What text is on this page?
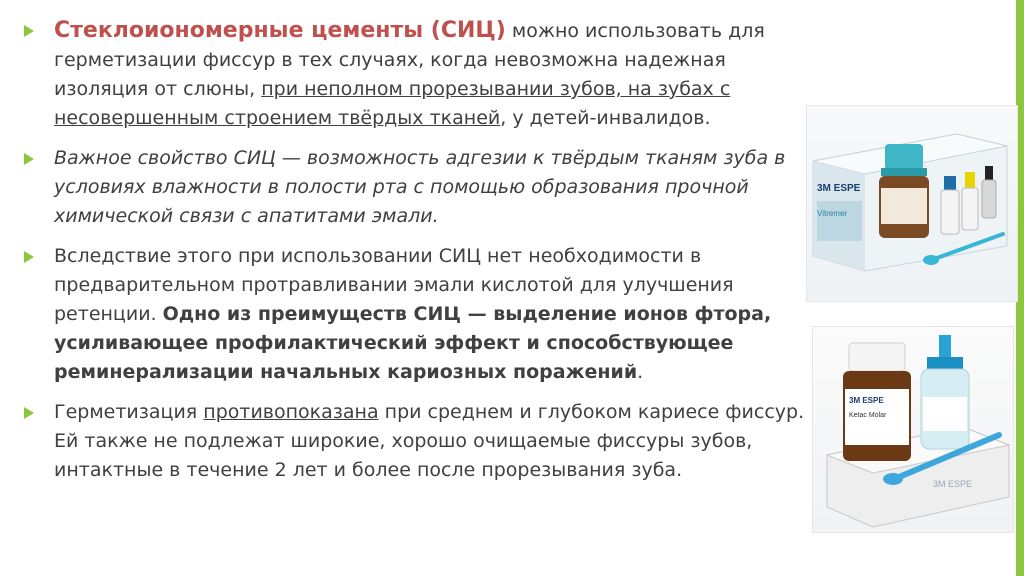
Стеклоиономерные цементы (СИЦ) можно использовать для герметизации фиссур в тех случаях, когда невозможна надежная изоляция от слюны, при неполном прорезывании зубов, на зубах с несовершенным строением твёрдых тканей, у детей-инвалидов.
Важное свойство СИЦ — возможность адгезии к твёрдым тканям зуба в условиях влажности в полости рта с помощью образования прочной химической связи с апатитами эмали.
Вследствие этого при использовании СИЦ нет необходимости в предварительном протравливании эмали кислотой для улучшения ретенции. Одно из преимуществ СИЦ — выделение ионов фтора, усиливающее профилактический эффект и способствующее реминерализации начальных кариозных поражений.
Герметизация противопоказана при среднем и глубоком кариесе фиссур. Ей также не подлежат широкие, хорошо очищаемые фиссуры зубов, интактные в течение 2 лет и более после прорезывания зуба.
3M ESPE
Vitremer
3M ESPE
3M ESPE
Ketac Molar
